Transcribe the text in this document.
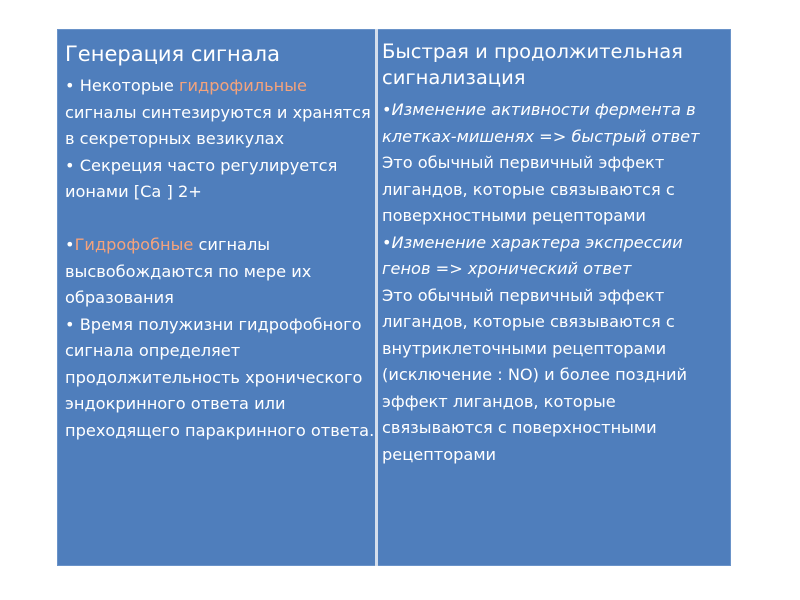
Генерация сигнала

• Некоторые гидрофильные сигналы синтезируются и хранятся в секреторных везикулах

• Секреция часто регулируется ионами [Ca ] 2+

•Гидрофобные сигналы высвобождаются по мере их образования

• Время полужизни гидрофобного сигнала определяет продолжительность хронического эндокринного ответа или преходящего паракринного ответа.

Быстрая и продолжительная сигнализация

•Изменение активности фермента в клетках-мишенях => быстрый ответ

Это обычный первичный эффект лигандов, которые связываются с поверхностными рецепторами

•Изменение характера экспрессии генов => хронический ответ

Это обычный первичный эффект лигандов, которые связываются с внутриклеточными рецепторами (исключение : NO) и более поздний эффект лигандов, которые связываются с поверхностными рецепторами
